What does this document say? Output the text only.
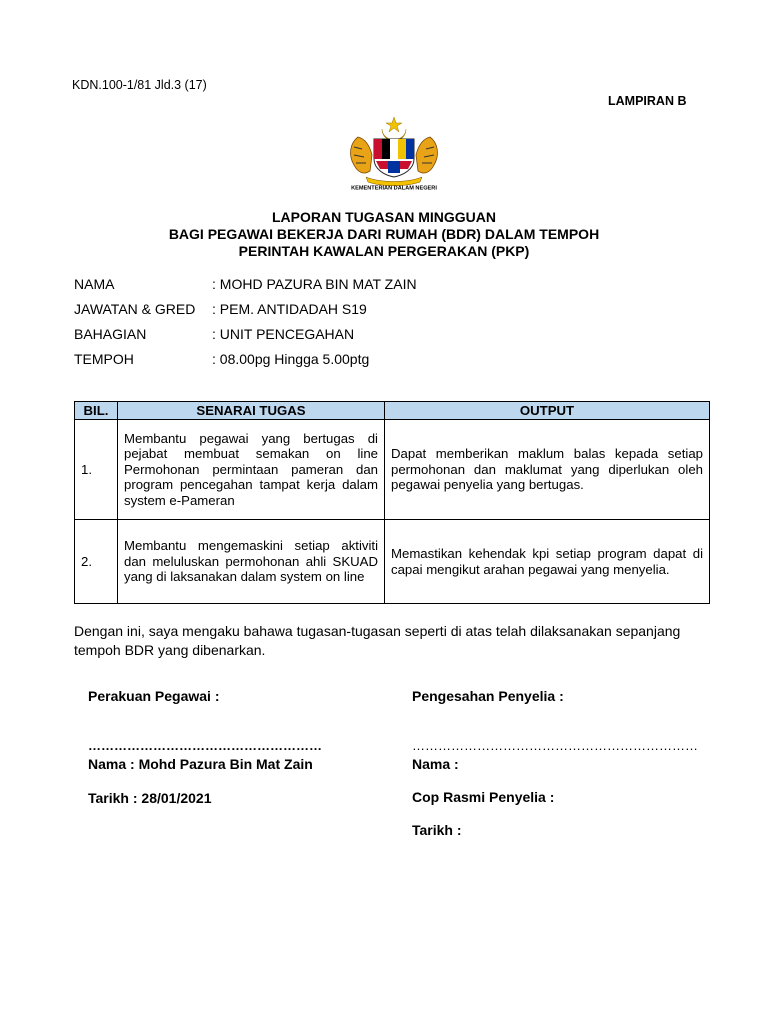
KDN.100-1/81 Jld.3 (17)
LAMPIRAN B
KEMENTERIAN DALAM NEGERI
LAPORAN TUGASAN MINGGUAN
BAGI PEGAWAI BEKERJA DARI RUMAH (BDR) DALAM TEMPOH
PERINTAH KAWALAN PERGERAKAN (PKP)
NAMA	: MOHD PAZURA BIN MAT ZAIN
JAWATAN & GRED : PEM. ANTIDADAH S19
BAHAGIAN	: UNIT PENCEGAHAN
TEMPOH	: 08.00pg Hingga 5.00ptg
BIL.	SENARAI TUGAS	OUTPUT
1.	Membantu pegawai yang bertugas di pejabat membuat semakan on line Permohonan permintaan pameran dan program pencegahan tampat kerja dalam system e-Pameran	Dapat memberikan maklum balas kepada setiap permohonan dan maklumat yang diperlukan oleh pegawai penyelia yang bertugas.
2.	Membantu mengemaskini setiap aktiviti dan meluluskan permohonan ahli SKUAD yang di laksanakan dalam system on line	Memastikan kehendak kpi setiap program dapat di capai mengikut arahan pegawai yang menyelia.
Dengan ini, saya mengaku bahawa tugasan-tugasan seperti di atas telah dilaksanakan sepanjang tempoh BDR yang dibenarkan.
Perakuan Pegawai :
………………………………………………
Nama : Mohd Pazura Bin Mat Zain
Tarikh : 28/01/2021
Pengesahan Penyelia :
…………………………………………………………
Nama :
Cop Rasmi Penyelia :
Tarikh :
